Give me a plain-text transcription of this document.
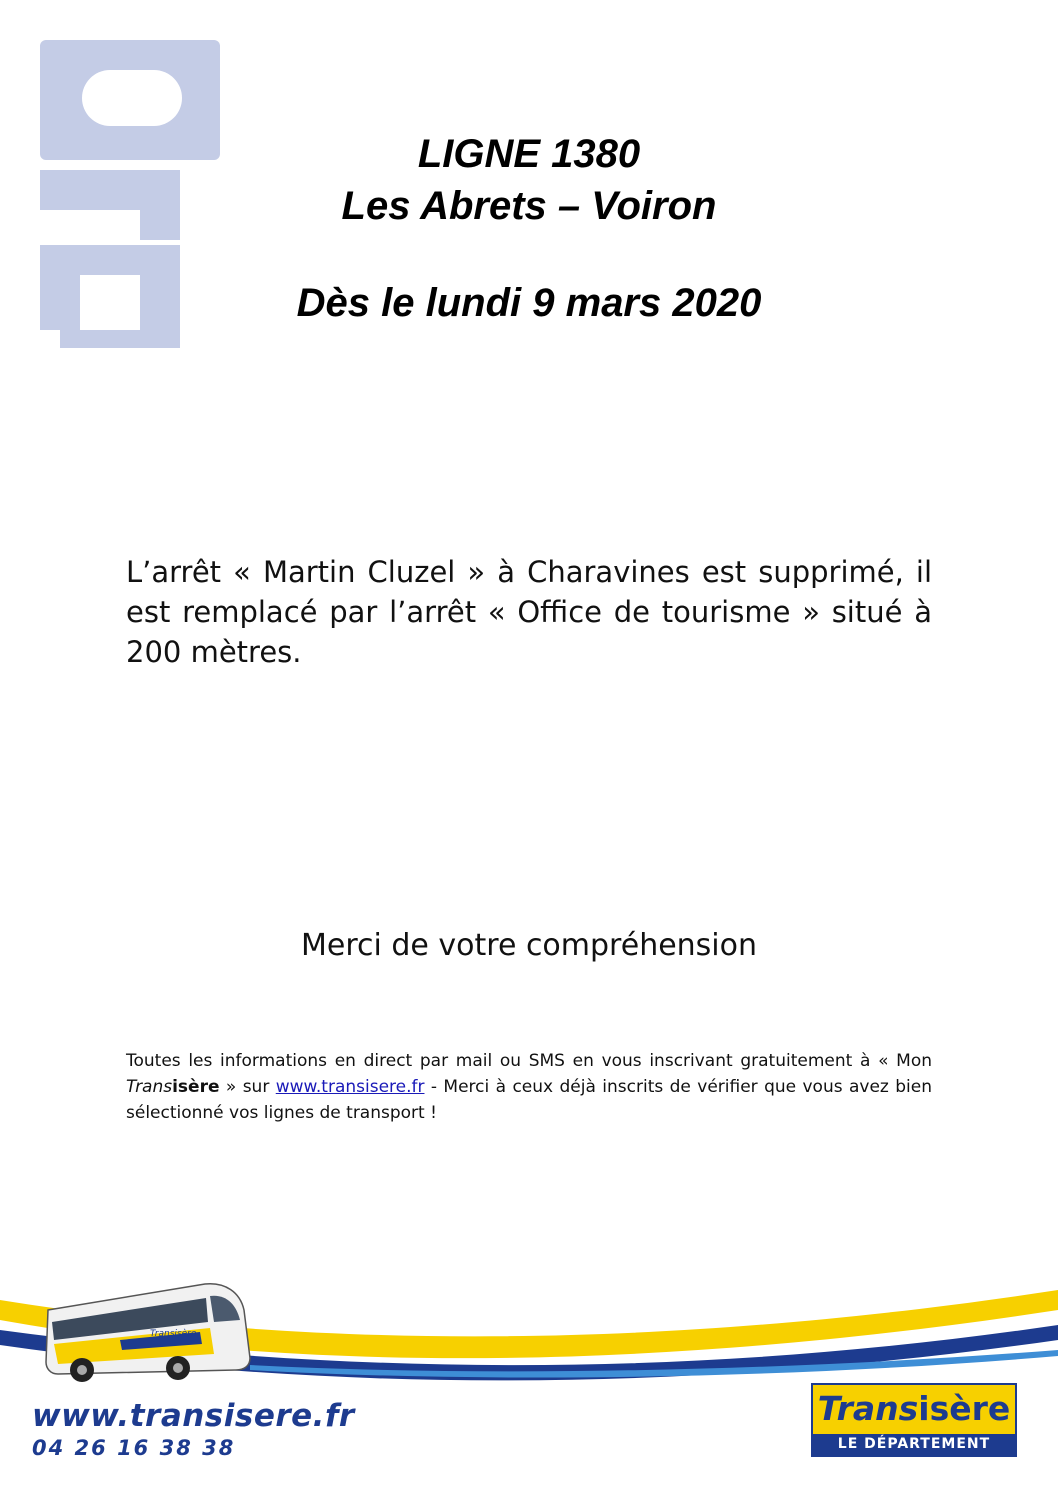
Info
LIGNE 1380
Les Abrets – Voiron
Dès le lundi 9 mars 2020
L’arrêt « Martin Cluzel » à Charavines est supprimé, il est remplacé par l’arrêt « Office de tourisme » situé à 200 mètres.
Merci de votre compréhension
Toutes les informations en direct par mail ou SMS en vous inscrivant gratuitement à « Mon Transisère » sur www.transisere.fr - Merci à ceux déjà inscrits de vérifier que vous avez bien sélectionné vos lignes de transport !
Transisère
www.transisere.fr
04 26 16 38 38
Transisère
LE DÉPARTEMENT
